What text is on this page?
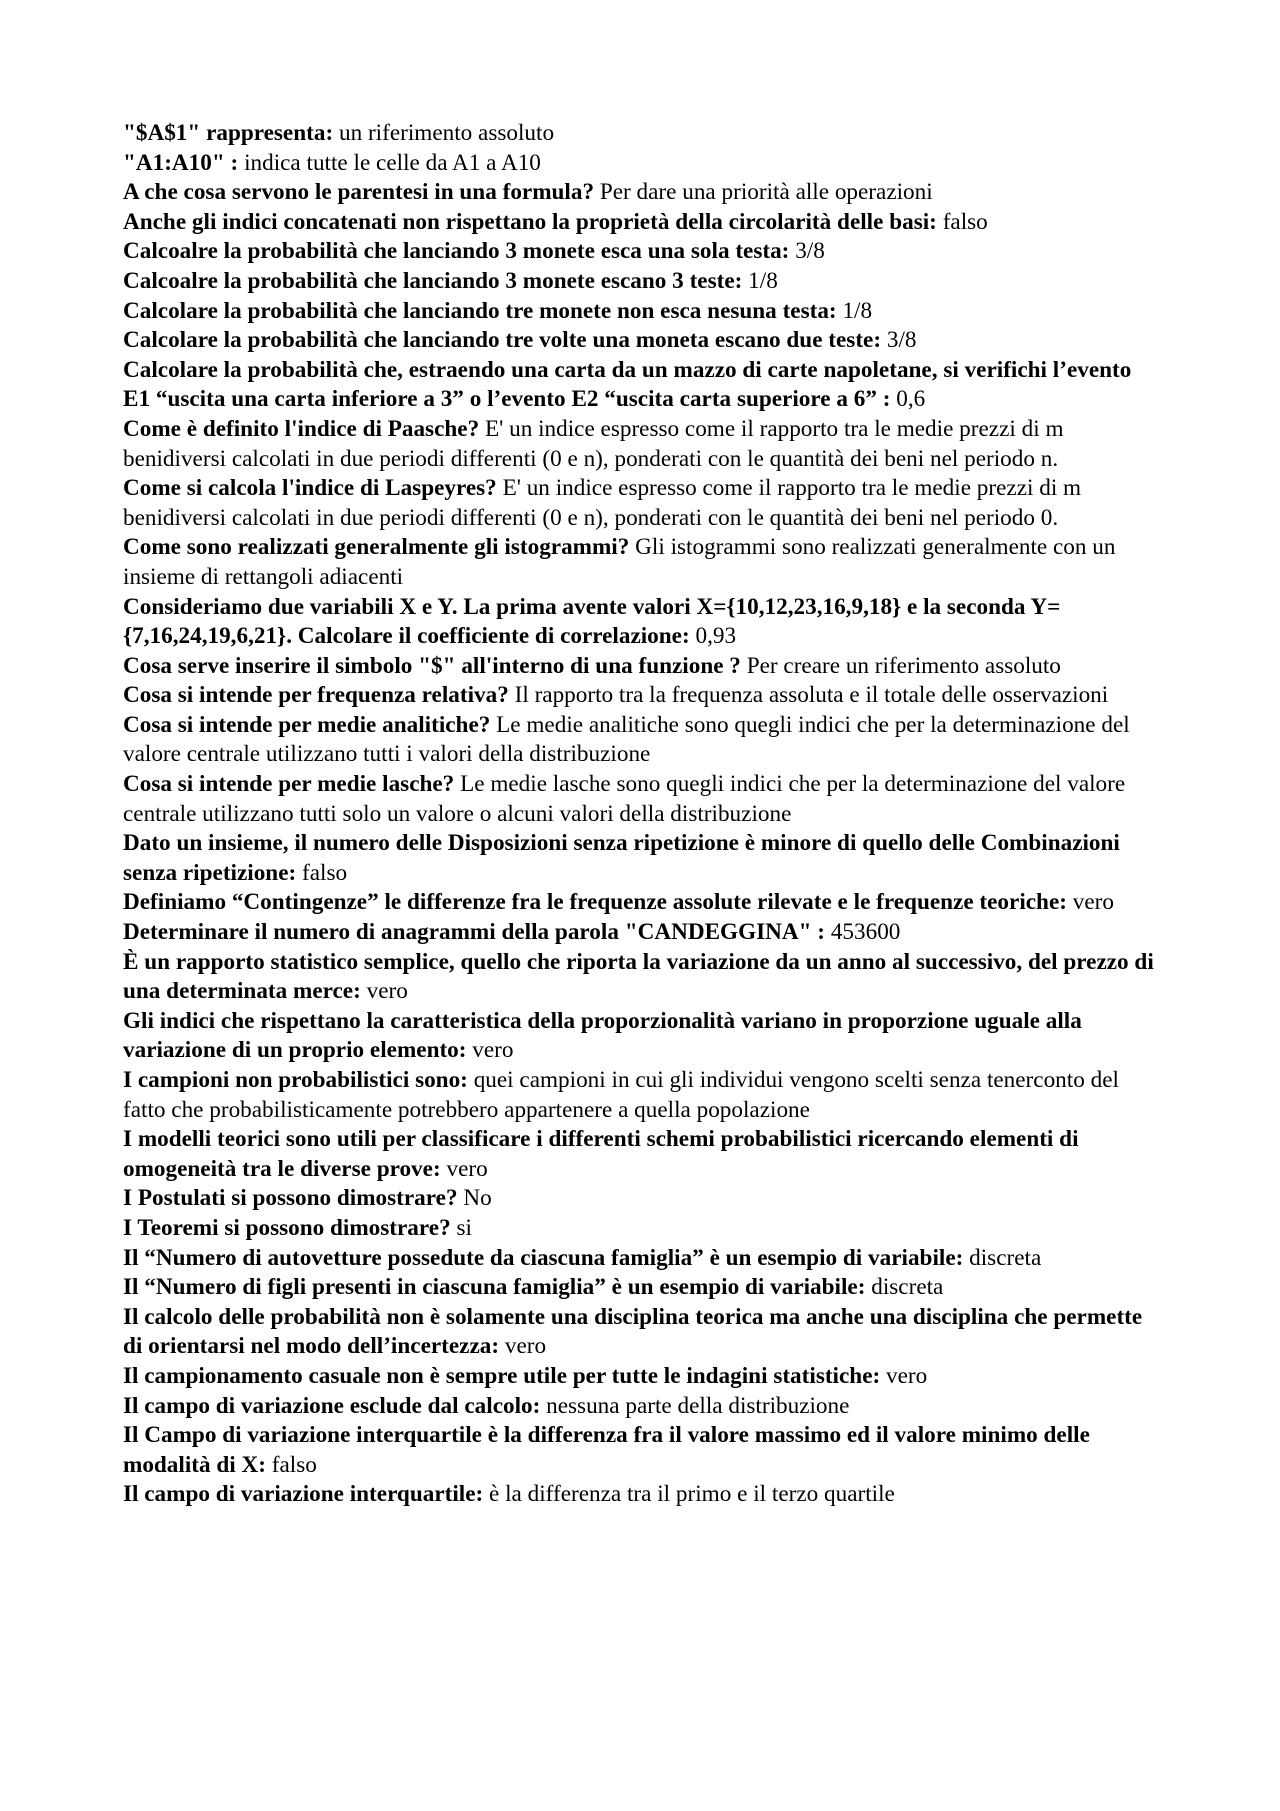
"$A$1" rappresenta: un riferimento assoluto

"A1:A10" : indica tutte le celle da A1 a A10

A che cosa servono le parentesi in una formula? Per dare una priorità alle operazioni

Anche gli indici concatenati non rispettano la proprietà della circolarità delle basi: falso

Calcoalre la probabilità che lanciando 3 monete esca una sola testa: 3/8

Calcoalre la probabilità che lanciando 3 monete escano 3 teste: 1/8

Calcolare la probabilità che lanciando tre monete non esca nesuna testa: 1/8

Calcolare la probabilità che lanciando tre volte una moneta escano due teste: 3/8

Calcolare la probabilità che, estraendo una carta da un mazzo di carte napoletane, si verifichi l’evento E1 “uscita una carta inferiore a 3” o l’evento E2 “uscita carta superiore a 6” : 0,6

Come è definito l'indice di Paasche? E' un indice espresso come il rapporto tra le medie prezzi di m benidiversi calcolati in due periodi differenti (0 e n), ponderati con le quantità dei beni nel periodo n.

Come si calcola l'indice di Laspeyres? E' un indice espresso come il rapporto tra le medie prezzi di m benidiversi calcolati in due periodi differenti (0 e n), ponderati con le quantità dei beni nel periodo 0.

Come sono realizzati generalmente gli istogrammi? Gli istogrammi sono realizzati generalmente con un insieme di rettangoli adiacenti

Consideriamo due variabili X e Y. La prima avente valori X={10,12,23,16,9,18} e la seconda Y={7,16,24,19,6,21}. Calcolare il coefficiente di correlazione: 0,93

Cosa serve inserire il simbolo "$" all'interno di una funzione ? Per creare un riferimento assoluto

Cosa si intende per frequenza relativa? Il rapporto tra la frequenza assoluta e il totale delle osservazioni

Cosa si intende per medie analitiche? Le medie analitiche sono quegli indici che per la determinazione del valore centrale utilizzano tutti i valori della distribuzione

Cosa si intende per medie lasche? Le medie lasche sono quegli indici che per la determinazione del valore centrale utilizzano tutti solo un valore o alcuni valori della distribuzione

Dato un insieme, il numero delle Disposizioni senza ripetizione è minore di quello delle Combinazioni senza ripetizione: falso

Definiamo “Contingenze” le differenze fra le frequenze assolute rilevate e le frequenze teoriche: vero

Determinare il numero di anagrammi della parola "CANDEGGINA" : 453600

È un rapporto statistico semplice, quello che riporta la variazione da un anno al successivo, del prezzo di una determinata merce: vero

Gli indici che rispettano la caratteristica della proporzionalità variano in proporzione uguale alla variazione di un proprio elemento: vero

I campioni non probabilistici sono: quei campioni in cui gli individui vengono scelti senza tenerconto del fatto che probabilisticamente potrebbero appartenere a quella popolazione

I modelli teorici sono utili per classificare i differenti schemi probabilistici ricercando elementi di omogeneità tra le diverse prove: vero

I Postulati si possono dimostrare? No

I Teoremi si possono dimostrare? si

Il “Numero di autovetture possedute da ciascuna famiglia” è un esempio di variabile: discreta

Il “Numero di figli presenti in ciascuna famiglia” è un esempio di variabile: discreta

Il calcolo delle probabilità non è solamente una disciplina teorica ma anche una disciplina che permette di orientarsi nel modo dell’incertezza: vero

Il campionamento casuale non è sempre utile per tutte le indagini statistiche: vero

Il campo di variazione esclude dal calcolo: nessuna parte della distribuzione

Il Campo di variazione interquartile è la differenza fra il valore massimo ed il valore minimo delle modalità di X: falso

Il campo di variazione interquartile: è la differenza tra il primo e il terzo quartile
